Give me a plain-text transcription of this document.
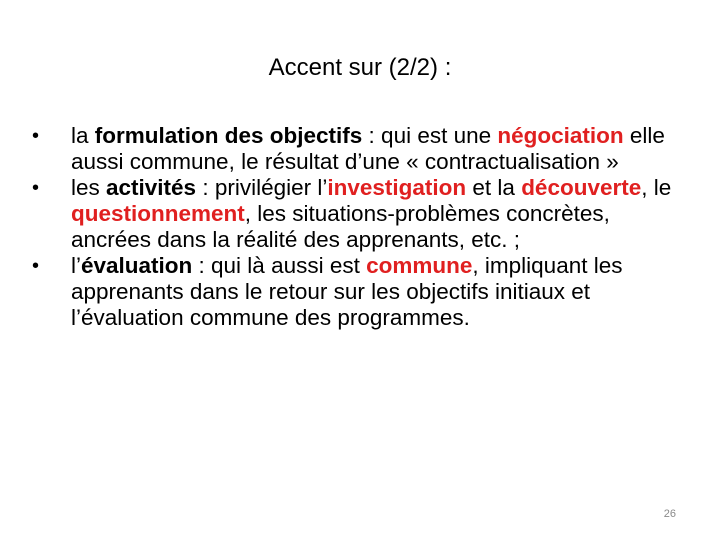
Accent sur (2/2) :
• la formulation des objectifs : qui est une négociation elle aussi commune, le résultat d’une « contractualisation »
• les activités : privilégier l’investigation et la découverte, le questionnement, les situations-problèmes concrètes, ancrées dans la réalité des apprenants, etc. ;
• l’évaluation : qui là aussi est commune, impliquant les apprenants dans le retour sur les objectifs initiaux et l’évaluation commune des programmes.
26
